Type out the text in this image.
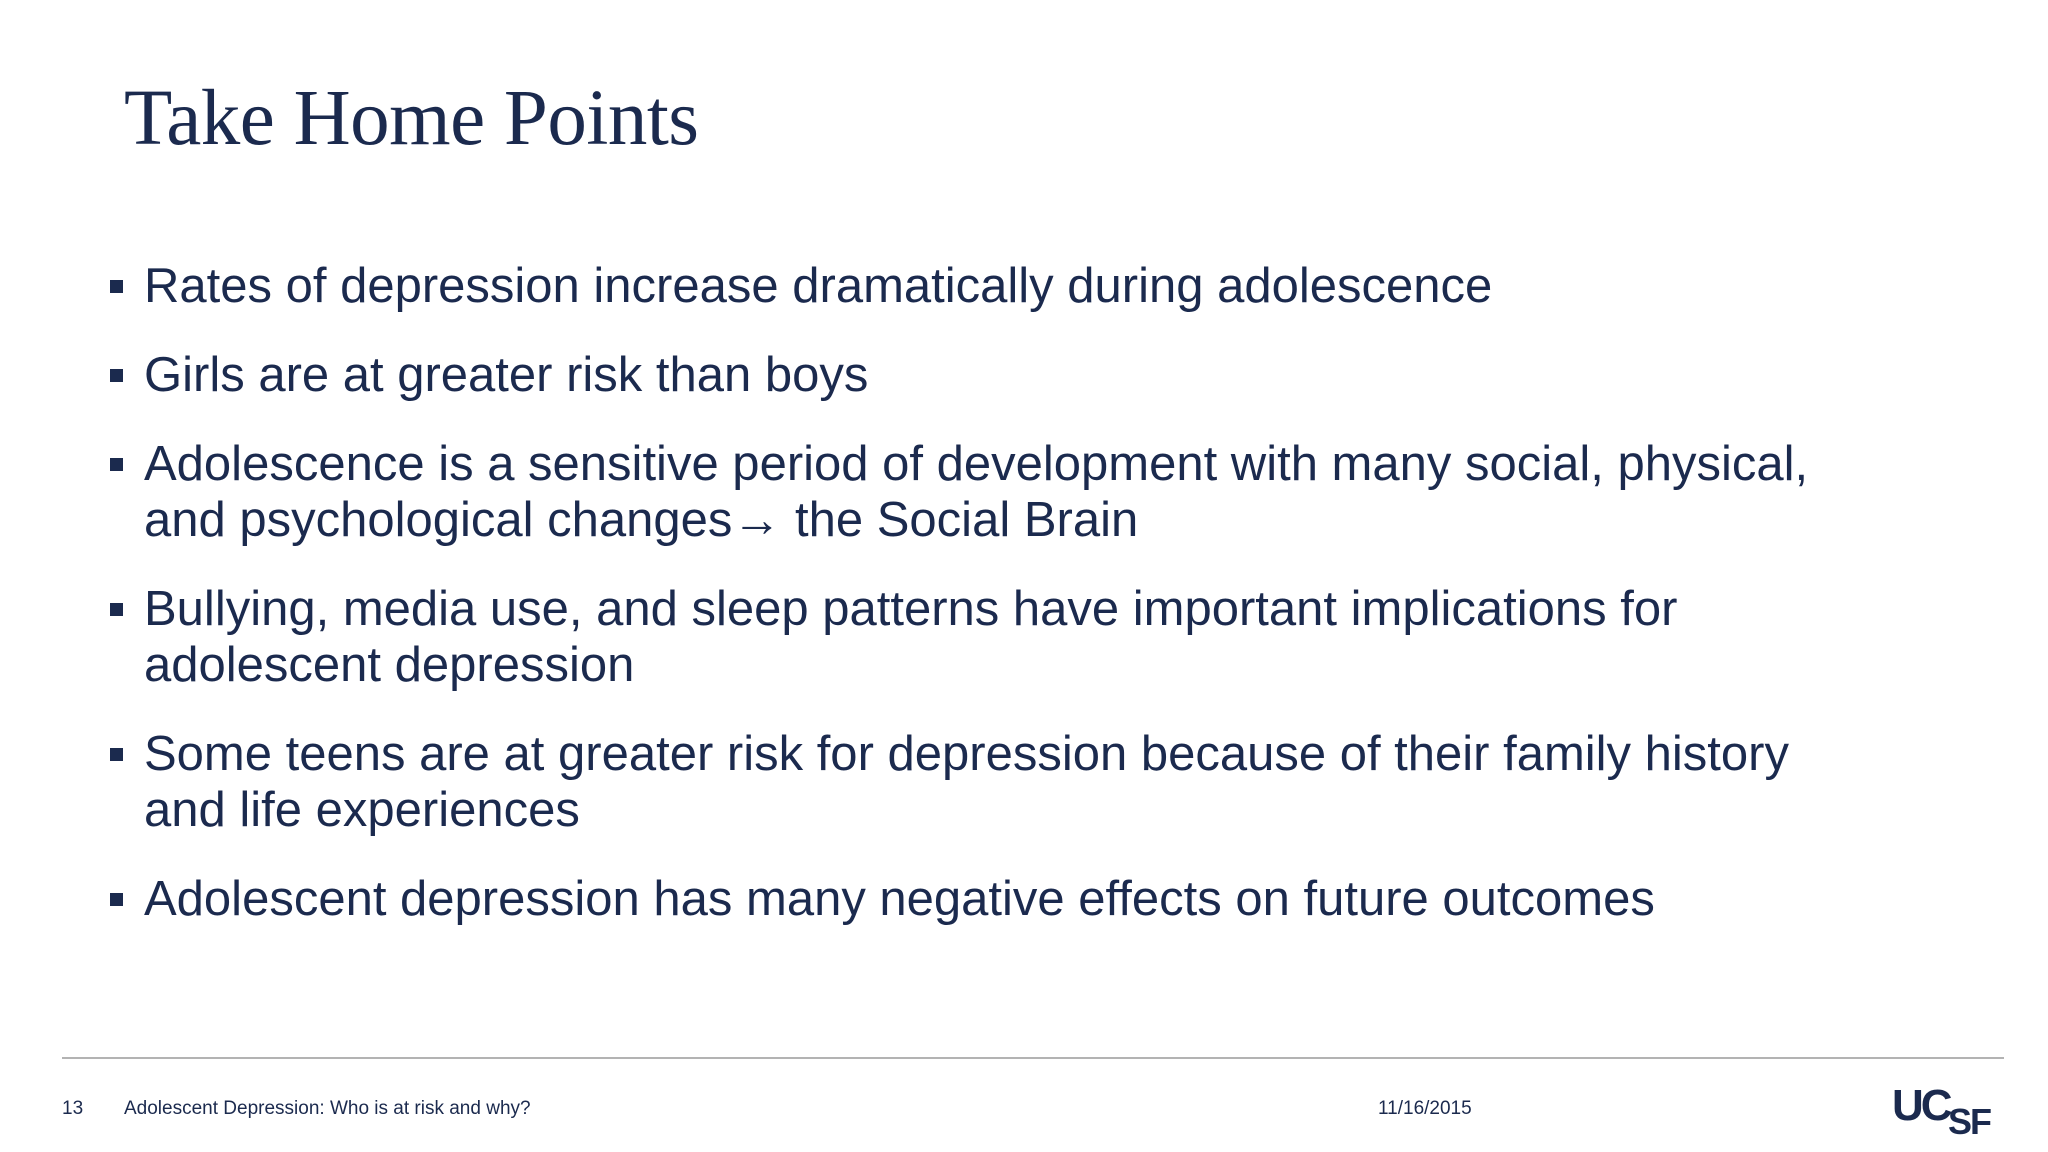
Take Home Points
Rates of depression increase dramatically during adolescence
Girls are at greater risk than boys
Adolescence is a sensitive period of development with many social, physical,
and psychological changes→ the Social Brain
Bullying, media use, and sleep patterns have important implications for
adolescent depression
Some teens are at greater risk for depression because of their family history
and life experiences
Adolescent depression has many negative effects on future outcomes
13 Adolescent Depression: Who is at risk and why?	11/16/2015	UC
SF
